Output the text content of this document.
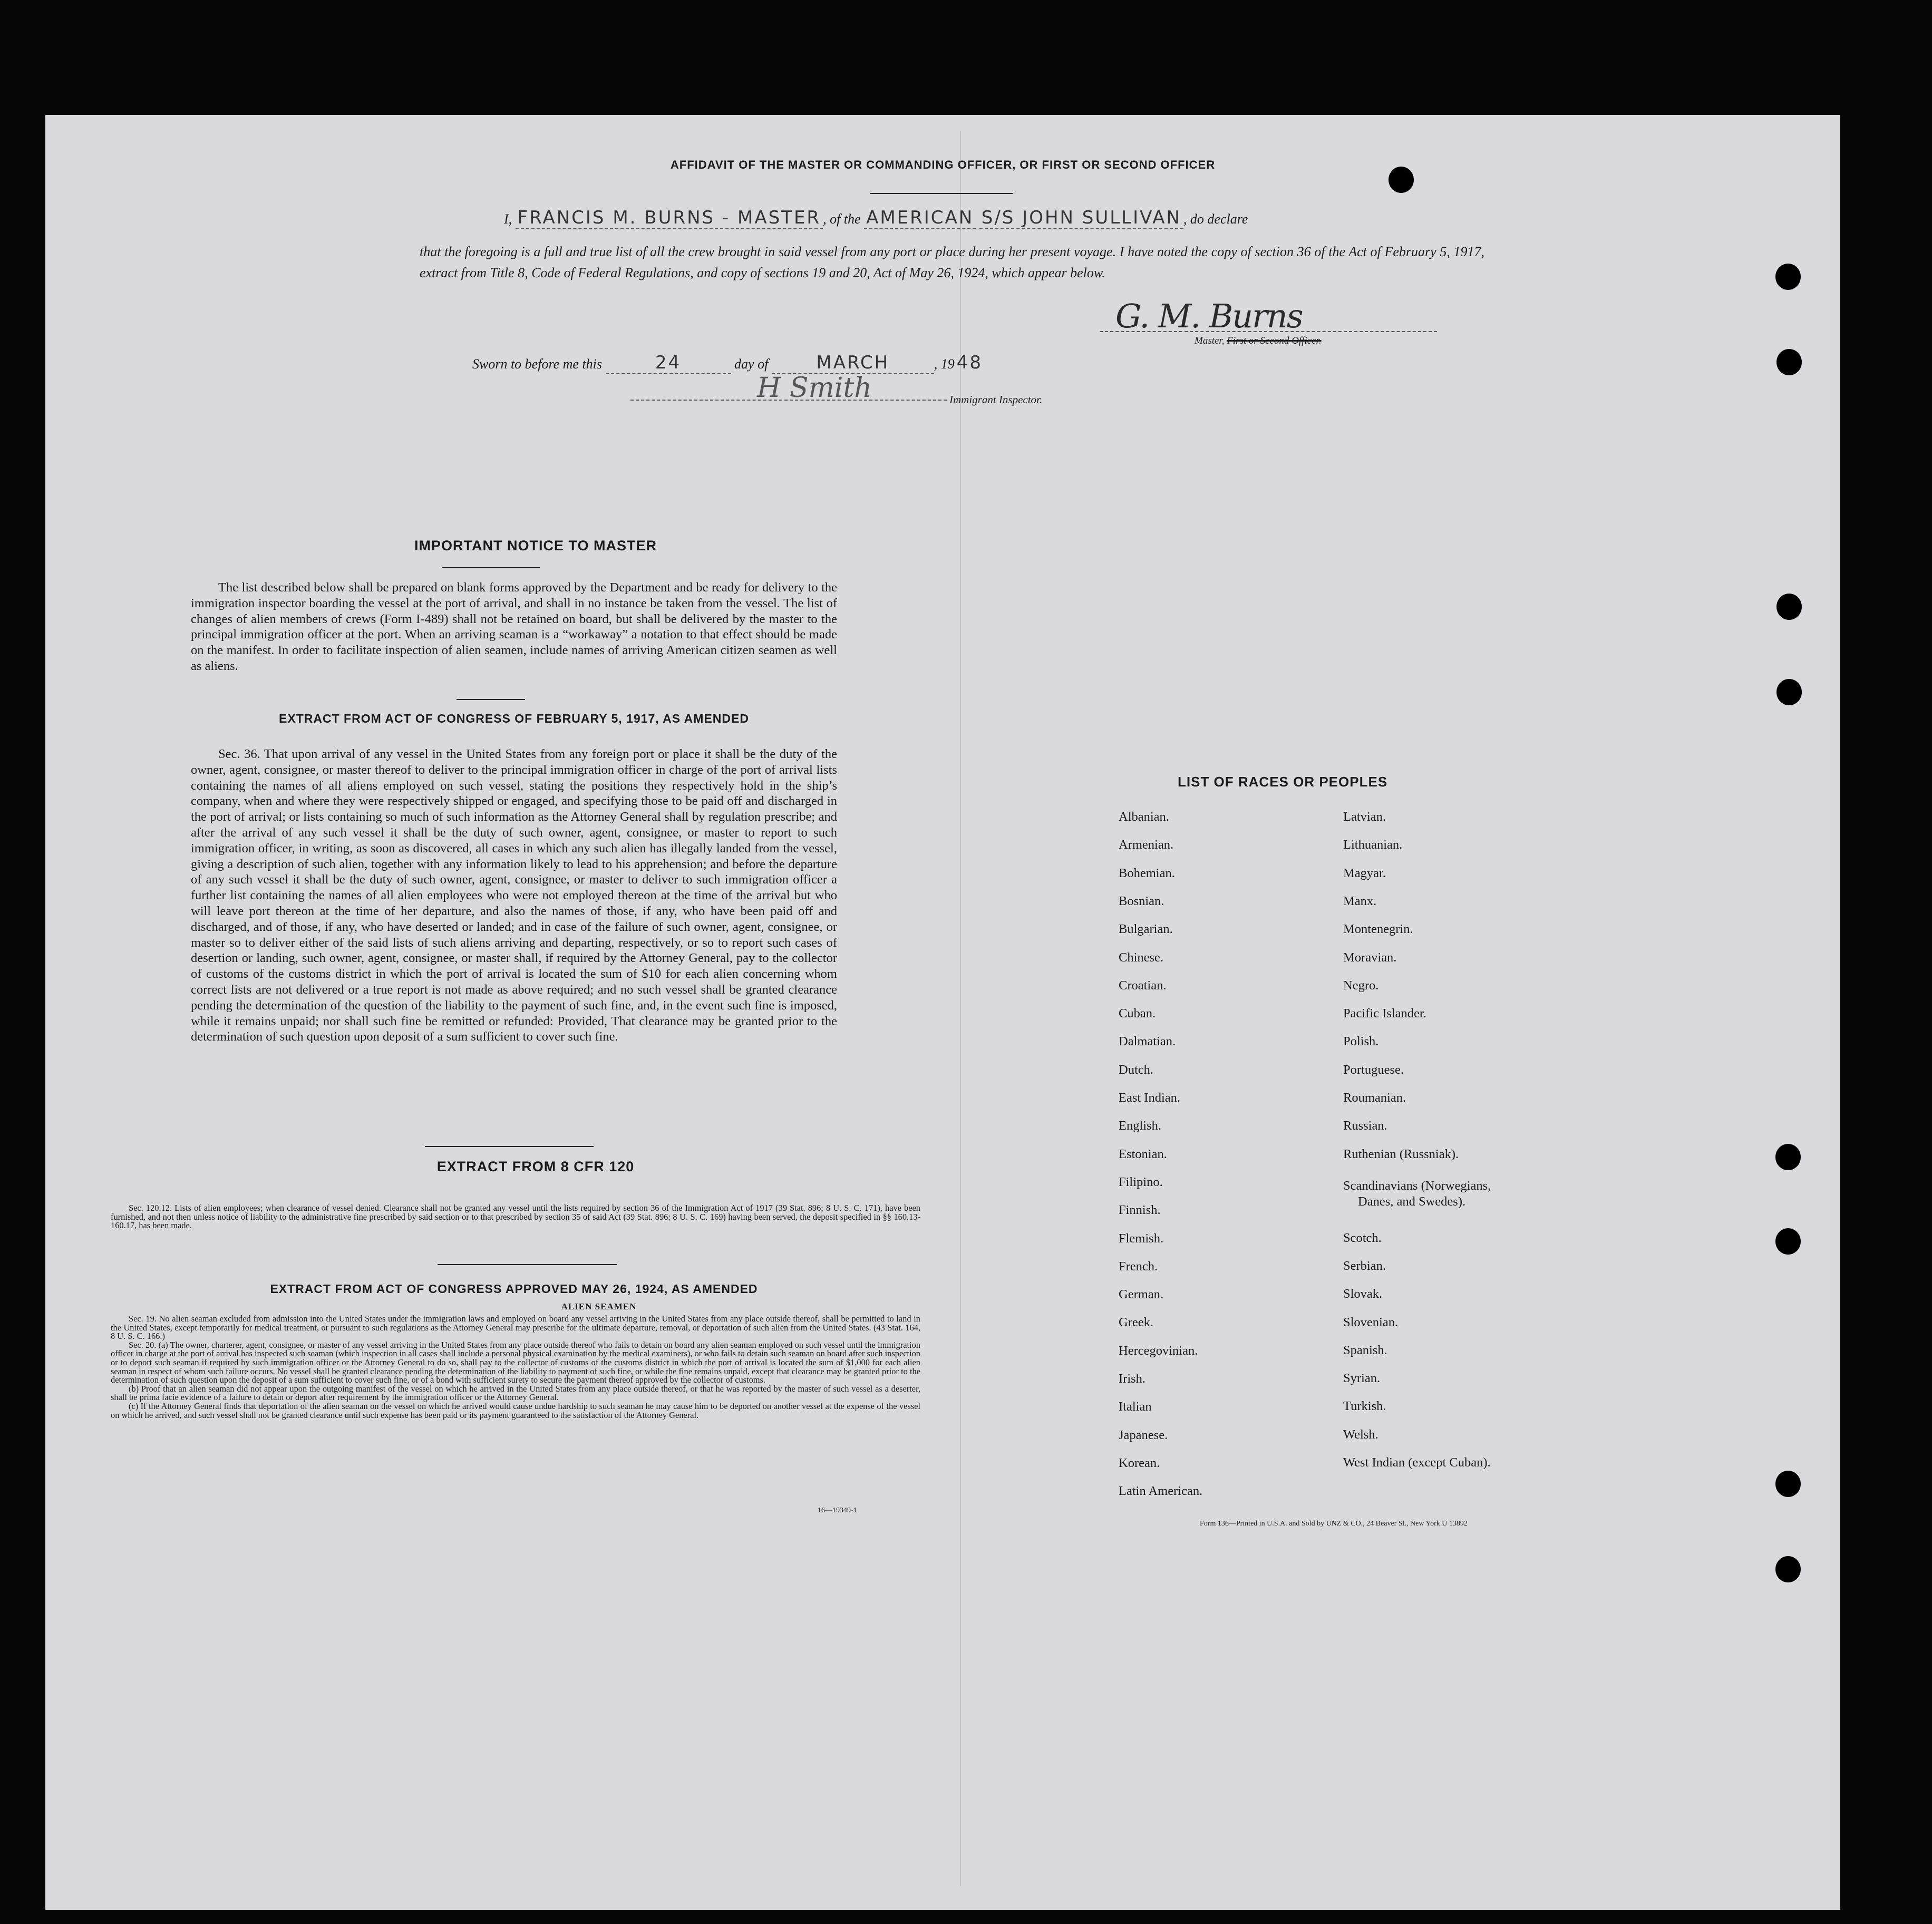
AFFIDAVIT OF THE MASTER OR COMMANDING OFFICER, OR FIRST OR SECOND OFFICER
I, FRANCIS M. BURNS - MASTER , of the AMERICAN S/S JOHN SULLIVAN , do declare

that the foregoing is a full and true list of all the crew brought in said vessel from any port or place during her present voyage. I have noted the copy of section 36 of the Act of February 5, 1917, extract from Title 8, Code of Federal Regulations, and copy of sections 19 and 20, Act of May 26, 1924, which appear below.

G. M. Burns
Master, First or Second Officer.
Sworn to before me this	24	day of	MARCH	, 19 48
H Smith	Immigrant Inspector.
IMPORTANT NOTICE TO MASTER

The list described below shall be prepared on blank forms approved by the Department and be ready for delivery to the immigration inspector boarding the vessel at the port of arrival, and shall in no instance be taken from the vessel. The list of changes of alien members of crews (Form I-489) shall not be retained on board, but shall be delivered by the master to the principal immigration officer at the port. When an arriving seaman is a “workaway” a notation to that effect should be made on the manifest. In order to facilitate inspection of alien seamen, include names of arriving American citizen seamen as well as aliens.

EXTRACT FROM ACT OF CONGRESS OF FEBRUARY 5, 1917, AS AMENDED

Sec. 36. That upon arrival of any vessel in the United States from any foreign port or place it shall be the duty of the owner, agent, consignee, or master thereof to deliver to the principal immigration officer in charge of the port of arrival lists containing the names of all aliens employed on such vessel, stating the positions they respectively hold in the ship’s company, when and where they were respectively shipped or engaged, and specifying those to be paid off and discharged in the port of arrival; or lists containing so much of such information as the Attorney General shall by regulation prescribe; and after the arrival of any such vessel it shall be the duty of such owner, agent, consignee, or master to report to such immigration officer, in writing, as soon as discovered, all cases in which any such alien has illegally landed from the vessel, giving a description of such alien, together with any information likely to lead to his apprehension; and before the departure of any such vessel it shall be the duty of such owner, agent, consignee, or master to deliver to such immigration officer a further list containing the names of all alien employees who were not employed thereon at the time of the arrival but who will leave port thereon at the time of her departure, and also the names of those, if any, who have been paid off and discharged, and of those, if any, who have deserted or landed; and in case of the failure of such owner, agent, consignee, or master so to deliver either of the said lists of such aliens arriving and departing, respectively, or so to report such cases of desertion or landing, such owner, agent, consignee, or master shall, if required by the Attorney General, pay to the collector of customs of the customs district in which the port of arrival is located the sum of $10 for each alien concerning whom correct lists are not delivered or a true report is not made as above required; and no such vessel shall be granted clearance pending the determination of the question of the liability to the payment of such fine, and, in the event such fine is imposed, while it remains unpaid; nor shall such fine be remitted or refunded: Provided, That clearance may be granted prior to the determination of such question upon deposit of a sum sufficient to cover such fine.

EXTRACT FROM 8 CFR 120

Sec. 120.12. Lists of alien employees; when clearance of vessel denied. Clearance shall not be granted any vessel until the lists required by section 36 of the Immigration Act of 1917 (39 Stat. 896; 8 U. S. C. 171), have been furnished, and not then unless notice of liability to the administrative fine prescribed by said section or to that prescribed by section 35 of said Act (39 Stat. 896; 8 U. S. C. 169) having been served, the deposit specified in §§ 160.13-160.17, has been made.

EXTRACT FROM ACT OF CONGRESS APPROVED MAY 26, 1924, AS AMENDED
ALIEN SEAMEN

Sec. 19. No alien seaman excluded from admission into the United States under the immigration laws and employed on board any vessel arriving in the United States from any place outside thereof, shall be permitted to land in the United States, except temporarily for medical treatment, or pursuant to such regulations as the Attorney General may prescribe for the ultimate departure, removal, or deportation of such alien from the United States. (43 Stat. 164, 8 U. S. C. 166.)

Sec. 20. (a) The owner, charterer, agent, consignee, or master of any vessel arriving in the United States from any place outside thereof who fails to detain on board any alien seaman employed on such vessel until the immigration officer in charge at the port of arrival has inspected such seaman (which inspection in all cases shall include a personal physical examination by the medical examiners), or who fails to detain such seaman on board after such inspection or to deport such seaman if required by such immigration officer or the Attorney General to do so, shall pay to the collector of customs of the customs district in which the port of arrival is located the sum of $1,000 for each alien seaman in respect of whom such failure occurs. No vessel shall be granted clearance pending the determination of the liability to payment of such fine, or while the fine remains unpaid, except that clearance may be granted prior to the determination of such question upon the deposit of a sum sufficient to cover such fine, or of a bond with sufficient surety to secure the payment thereof approved by the collector of customs.

(b) Proof that an alien seaman did not appear upon the outgoing manifest of the vessel on which he arrived in the United States from any place outside thereof, or that he was reported by the master of such vessel as a deserter, shall be prima facie evidence of a failure to detain or deport after requirement by the immigration officer or the Attorney General.

(c) If the Attorney General finds that deportation of the alien seaman on the vessel on which he arrived would cause undue hardship to such seaman he may cause him to be deported on another vessel at the expense of the vessel on which he arrived, and such vessel shall not be granted clearance until such expense has been paid or its payment guaranteed to the satisfaction of the Attorney General.

16—19349-1
LIST OF RACES OR PEOPLES
Albanian.
Armenian.
Bohemian.
Bosnian.
Bulgarian.
Chinese.
Croatian.
Cuban.
Dalmatian.
Dutch.
East Indian.
English.
Estonian.
Filipino.
Finnish.
Flemish.
French.
German.
Greek.
Hercegovinian.
Irish.
Italian
Japanese.
Korean.
Latin American.
Latvian.
Lithuanian.
Magyar.
Manx.
Montenegrin.
Moravian.
Negro.
Pacific Islander.
Polish.
Portuguese.
Roumanian.
Russian.
Ruthenian (Russniak).
Scandinavians (Norwegians,
Danes, and Swedes).
Scotch.
Serbian.
Slovak.
Slovenian.
Spanish.
Syrian.
Turkish.
Welsh.
West Indian (except Cuban).
Form 136—Printed in U.S.A. and Sold by UNZ & CO., 24 Beaver St., New York U 13892
